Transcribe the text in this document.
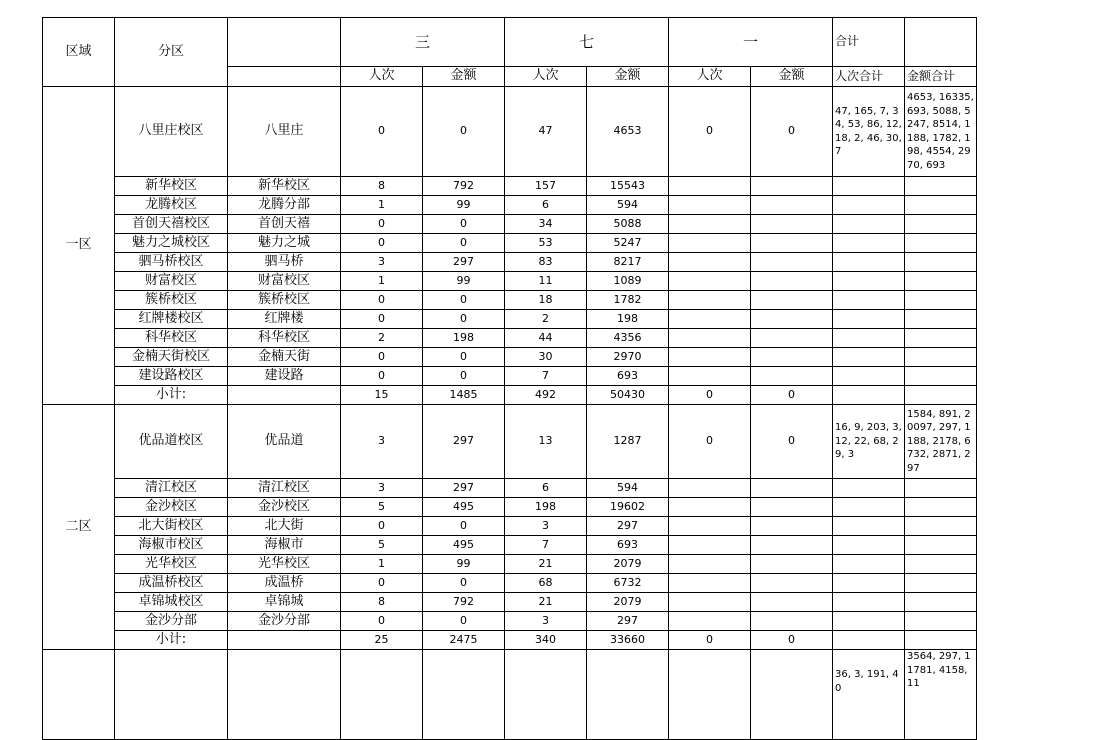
区域	分区		三		七		一		合计	
			人次	金额	人次	金额	人次	金额	人次合计	金额合计
一区	八里庄校区	八里庄	0	0	47	4653	0	0	47, 165, 7, 34, 53, 86, 12, 18, 2, 46, 30, 7	4653, 16335, 693, 5088, 5247, 8514, 1188, 1782, 198, 4554, 2970, 693
	新华校区	新华校区	8	792	157	15543				
	龙腾校区	龙腾分部	1	99	6	594				
	首创天禧校区	首创天禧	0	0	34	5088				
	魅力之城校区	魅力之城	0	0	53	5247				
	驷马桥校区	驷马桥	3	297	83	8217				
	财富校区	财富校区	1	99	11	1089				
	簇桥校区	簇桥校区	0	0	18	1782				
	红牌楼校区	红牌楼	0	0	2	198				
	科华校区	科华校区	2	198	44	4356				
	金楠天街校区	金楠天街	0	0	30	2970				
	建设路校区	建设路	0	0	7	693				
	小计:		15	1485	492	50430	0	0		
二区	优品道校区	优品道	3	297	13	1287	0	0	16, 9, 203, 3, 12, 22, 68, 29, 3	1584, 891, 20097, 297, 1188, 2178, 6732, 2871, 297
	清江校区	清江校区	3	297	6	594				
	金沙校区	金沙校区	5	495	198	19602				
	北大街校区	北大街	0	0	3	297				
	海椒市校区	海椒市	5	495	7	693				
	光华校区	光华校区	1	99	21	2079				
	成温桥校区	成温桥	0	0	68	6732				
	卓锦城校区	卓锦城	8	792	21	2079				
	金沙分部	金沙分部	0	0	3	297				
	小计:		25	2475	340	33660	0	0		
									36, 3, 191, 40	3564, 297, 11781, 4158, 11
